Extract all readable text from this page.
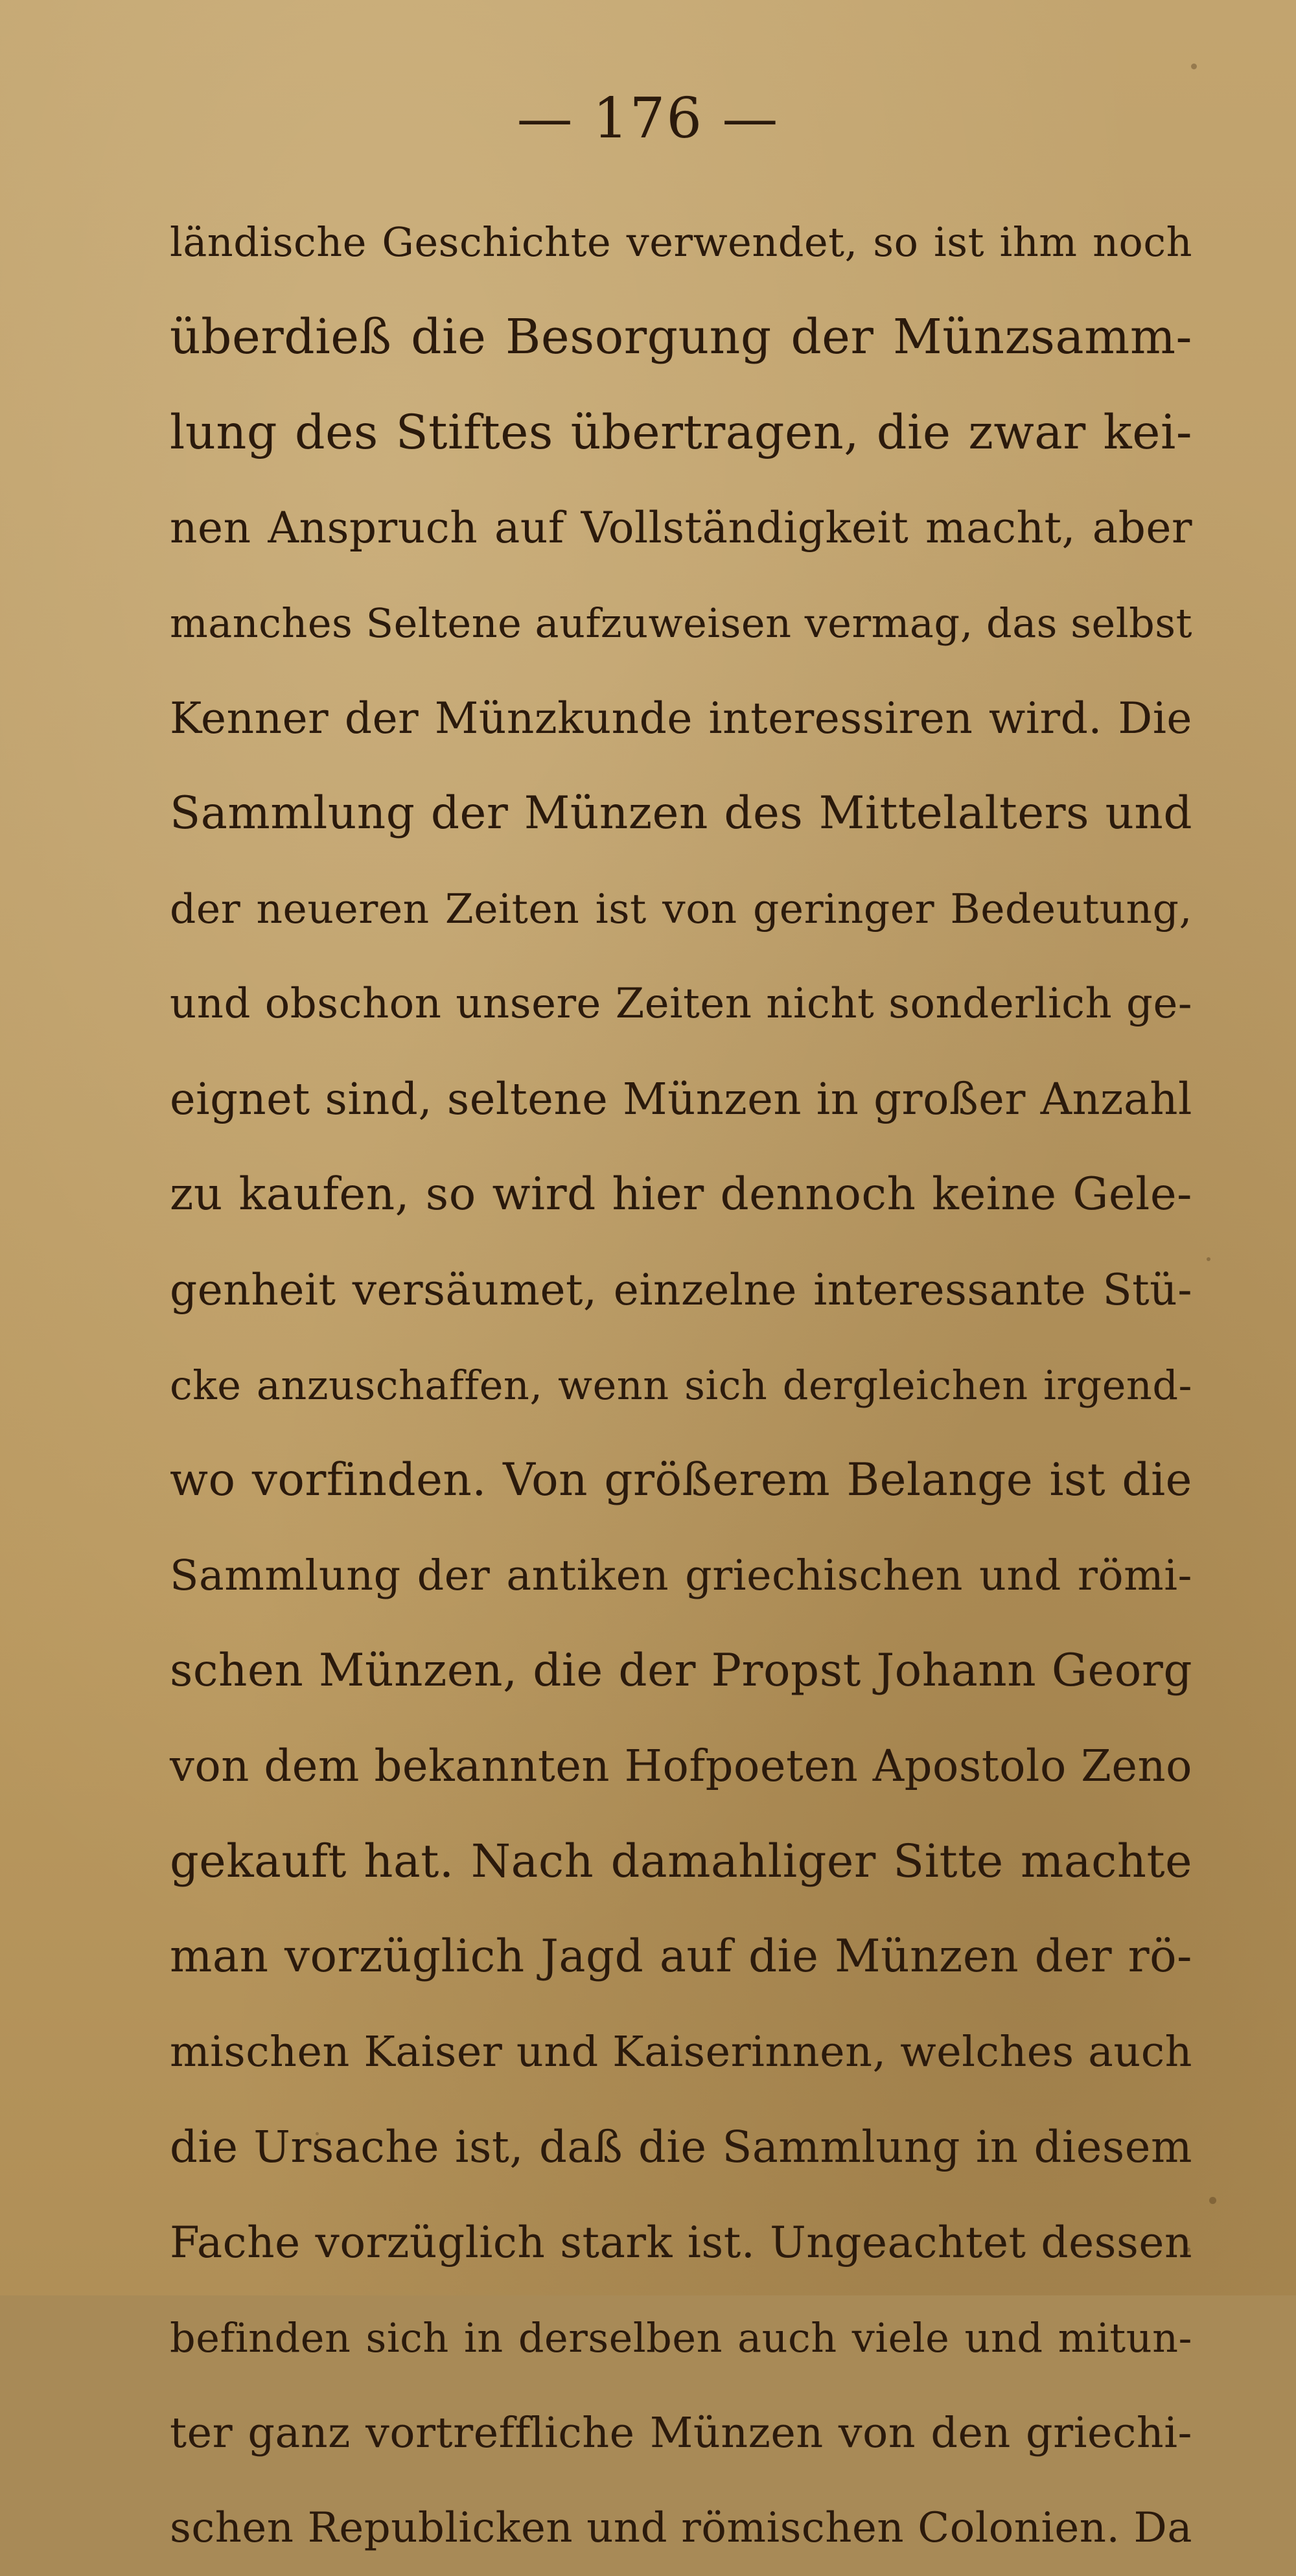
— 176 —
ländische Geschichte verwendet, so ist ihm noch
überdieß die Besorgung der Münzsamm-
lung des Stiftes übertragen, die zwar kei-
nen Anspruch auf Vollständigkeit macht, aber
manches Seltene aufzuweisen vermag, das selbst
Kenner der Münzkunde interessiren wird. Die
Sammlung der Münzen des Mittelalters und
der neueren Zeiten ist von geringer Bedeutung,
und obschon unsere Zeiten nicht sonderlich ge-
eignet sind, seltene Münzen in großer Anzahl
zu kaufen, so wird hier dennoch keine Gele-
genheit versäumet, einzelne interessante Stü-
cke anzuschaffen, wenn sich dergleichen irgend-
wo vorfinden. Von größerem Belange ist die
Sammlung der antiken griechischen und römi-
schen Münzen, die der Propst Johann Georg
von dem bekannten Hofpoeten Apostolo Zeno
gekauft hat. Nach damahliger Sitte machte
man vorzüglich Jagd auf die Münzen der rö-
mischen Kaiser und Kaiserinnen, welches auch
die Ursache ist, daß die Sammlung in diesem
Fache vorzüglich stark ist. Ungeachtet dessen
befinden sich in derselben auch viele und mitun-
ter ganz vortreffliche Münzen von den griechi-
schen Republicken und römischen Colonien. Da
